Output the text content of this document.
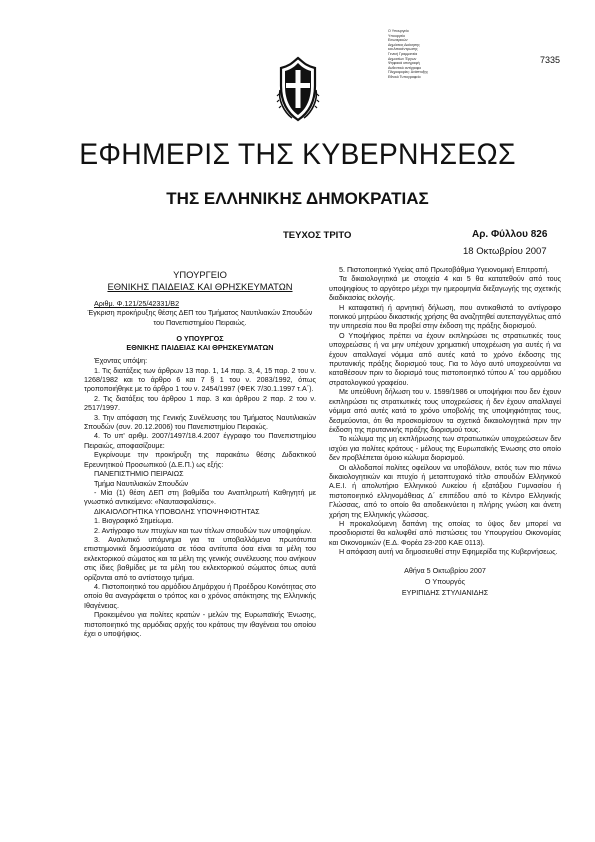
Ο Υπουργείο
Υπουργείο
Εσωτερικών
Δημόσιας Διοίκησης
και Αποκέντρωσης
Γενική Γραμματεία
Δημοσίων Έργων
Ψηφιακά υπογραφή
Αυθεντικό αντίγραφο
Πληροφορίες: Ανάπτυξης
Εθνικό Τυπογραφείο
7335
ΕΦΗΜΕΡΙΣ ΤΗΣ ΚΥΒΕΡΝΗΣΕΩΣ
ΤΗΣ ΕΛΛΗΝΙΚΗΣ ΔΗΜΟΚΡΑΤΙΑΣ
ΤΕΥΧΟΣ ΤΡΙΤΟ	Αρ. Φύλλου 826
18 Οκτωβρίου 2007
ΥΠΟΥΡΓΕΙΟ
ΕΘΝΙΚΗΣ ΠΑΙΔΕΙΑΣ ΚΑΙ ΘΡΗΣΚΕΥΜΑΤΩΝ

Αριθμ. Φ.121/25/42331/Β2

Έγκριση προκήρυξης θέσης ΔΕΠ του Τμήματος Ναυτιλιακών Σπουδών του Πανεπιστημίου Πειραιώς.

Ο ΥΠΟΥΡΓΟΣ
ΕΘΝΙΚΗΣ ΠΑΙΔΕΙΑΣ ΚΑΙ ΘΡΗΣΚΕΥΜΑΤΩΝ

Έχοντας υπόψη:

1. Τις διατάξεις των άρθρων 13 παρ. 1, 14 παρ. 3, 4, 15 παρ. 2 του ν. 1268/1982 και το άρθρο 6 και 7 § 1 του ν. 2083/1992, όπως τροποποιήθηκε με το άρθρο 1 του ν. 2454/1997 (ΦΕΚ 7/30.1.1997 τ.Α΄).

2. Τις διατάξεις του άρθρου 1 παρ. 3 και άρθρου 2 παρ. 2 του ν. 2517/1997.

3. Την απόφαση της Γενικής Συνέλευσης του Τμήματος Ναυτιλιακών Σπουδών (συν. 20.12.2006) του Πανεπιστημίου Πειραιώς.

4. Το υπ' αριθμ. 2007/1497/18.4.2007 έγγραφο του Πανεπιστημίου Πειραιώς, αποφασίζουμε:

Εγκρίνουμε την προκήρυξη της παρακάτω θέσης Διδακτικού Ερευνητικού Προσωπικού (Δ.Ε.Π.) ως εξής:

ΠΑΝΕΠΙΣΤΗΜΙΟ ΠΕΙΡΑΙΩΣ

Τμήμα Ναυτιλιακών Σπουδών

- Μία (1) θέση ΔΕΠ στη βαθμίδα του Αναπληρωτή Καθηγητή με γνωστικό αντικείμενο: «Ναυτασφαλίσεις».

ΔΙΚΑΙΟΛΟΓΗΤΙΚΑ ΥΠΟΒΟΛΗΣ ΥΠΟΨΗΦΙΟΤΗΤΑΣ

1. Βιογραφικό Σημείωμα.

2. Αντίγραφο των πτυχίων και των τίτλων σπουδών των υποψηφίων.

3. Αναλυτικό υπόμνημα για τα υποβαλλόμενα πρωτότυπα επιστημονικά δημοσιεύματα σε τόσα αντίτυπα όσα είναι τα μέλη του εκλεκτορικού σώματος και τα μέλη της γενικής συνέλευσης που ανήκουν στις ίδιες βαθμίδες με τα μέλη του εκλεκτορικού σώματος όπως αυτά ορίζονται από το αντίστοιχο τμήμα.

4. Πιστοποιητικό του αρμόδιου Δημάρχου ή Προέδρου Κοινότητας στο οποίο θα αναγράφεται ο τρόπος και ο χρόνος απόκτησης της Ελληνικής Ιθαγένειας.

Προκειμένου για πολίτες κρατών - μελών της Ευρωπαϊκής Ένωσης, πιστοποιητικό της αρμόδιας αρχής του κράτους την ιθαγένεια του οποίου έχει ο υποψήφιος.

5. Πιστοποιητικό Υγείας από Πρωτοβάθμια Υγειονομική Επιτροπή.

Τα δικαιολογητικά με στοιχεία 4 και 5 θα κατατεθούν από τους υποψηφίους το αργότερο μέχρι την ημερομηνία διεξαγωγής της σχετικής διαδικασίας εκλογής.

Η καταφατική ή αρνητική δήλωση, που αντικαθιστά το αντίγραφο ποινικού μητρώου δικαστικής χρήσης θα αναζητηθεί αυτεπαγγέλτως από την υπηρεσία που θα προβεί στην έκδοση της πράξης διορισμού.

Ο Υποψήφιος πρέπει να έχουν εκπληρώσει τις στρατιωτικές τους υποχρεώσεις ή να μην υπέχουν χρηματική υποχρέωση για αυτές ή να έχουν απαλλαγεί νόμιμα από αυτές κατά το χρόνο έκδοσης της πρυτανικής πράξης διορισμού τους. Για το λόγο αυτό υποχρεούνται να καταθέσουν πριν το διορισμό τους πιστοποιητικό τύπου Α΄ του αρμόδιου στρατολογικού γραφείου.

Με υπεύθυνη δήλωση του ν. 1599/1986 οι υποψήφιοι που δεν έχουν εκπληρώσει τις στρατιωτικές τους υποχρεώσεις ή δεν έχουν απαλλαγεί νόμιμα από αυτές κατά το χρόνο υποβολής της υποψηφιότητας τους, δεσμεύονται, ότι θα προσκομίσουν τα σχετικά δικαιολογητικά πριν την έκδοση της πρυτανικής πράξης διορισμού τους.

Το κώλυμα της μη εκπλήρωσης των στρατιωτικών υποχρεώσεων δεν ισχύει για πολίτες κράτους - μέλους της Ευρωπαϊκής Ένωσης στο οποίο δεν προβλέπεται όμοιο κώλυμα διορισμού.

Οι αλλοδαποί πολίτες οφείλουν να υποβάλουν, εκτός των πιο πάνω δικαιολογητικών και πτυχίο ή μεταπτυχιακό τίτλο σπουδών Ελληνικού Α.Ε.Ι. ή απολυτήριο Ελληνικού Λυκείου ή εξατάξιου Γυμνασίου ή πιστοποιητικό ελληνομάθειας Δ΄ επιπέδου από το Κέντρο Ελληνικής Γλώσσας, από το οποίο θα αποδεικνύεται η πλήρης γνώση και άνετη χρήση της Ελληνικής γλώσσας.

Η προκαλούμενη δαπάνη της οποίας το ύψος δεν μπορεί να προσδιοριστεί θα καλυφθεί από πιστώσεις του Υπουργείου Οικονομίας και Οικονομικών (Ε.Δ. Φορέα 23-200 ΚΑΕ 0113).

Η απόφαση αυτή να δημοσιευθεί στην Εφημερίδα της Κυβερνήσεως.

Αθήνα 5 Οκτωβρίου 2007
Ο Υπουργός
ΕΥΡΙΠΙΔΗΣ ΣΤΥΛΙΑΝΙΔΗΣ
